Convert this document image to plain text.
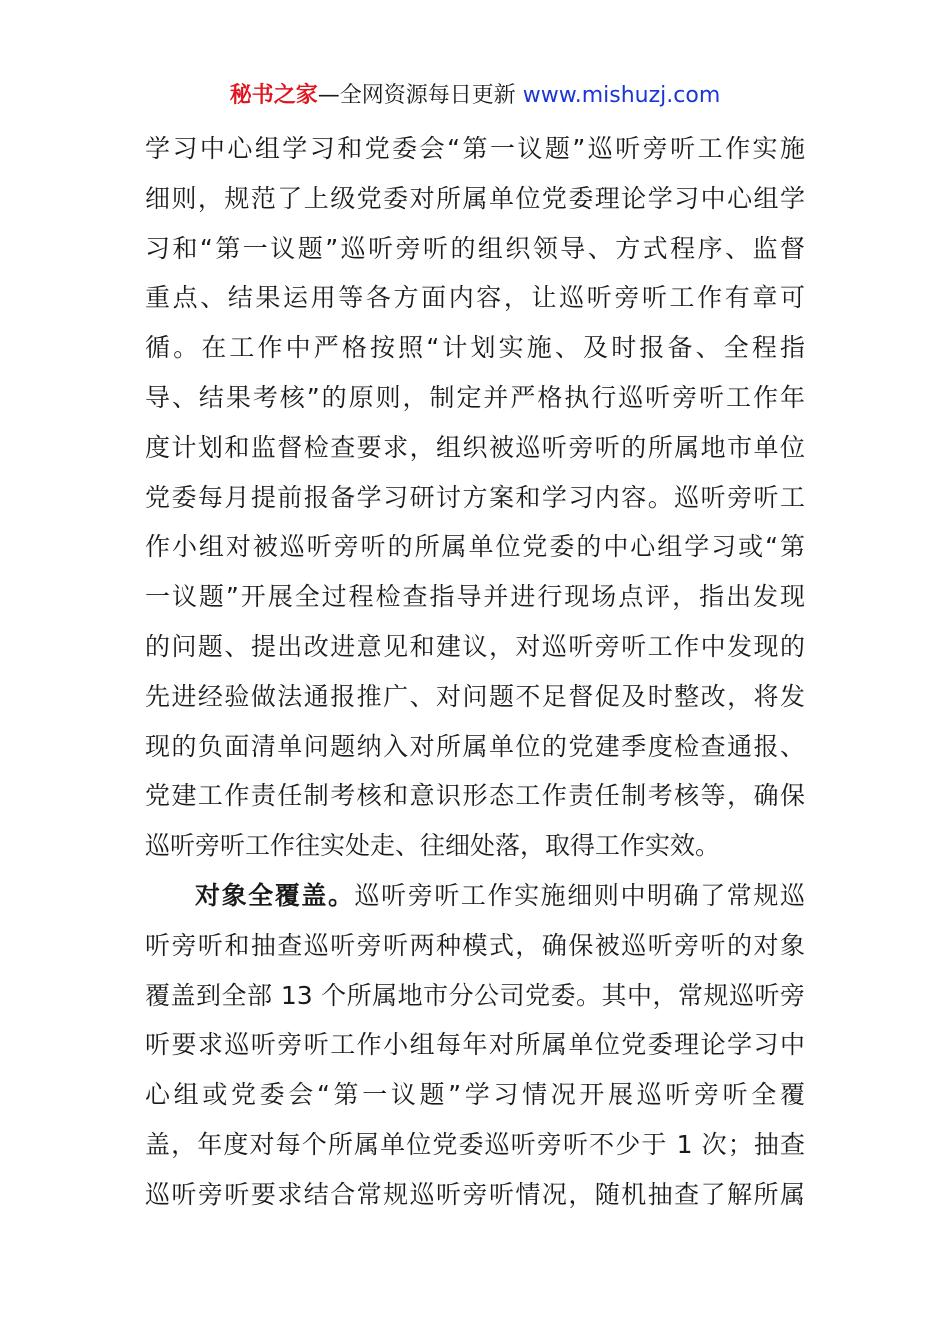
秘书之家—全网资源每日更新 www.mishuzj.com
学习中心组学习和党委会“第一议题”巡听旁听工作实施
细则，规范了上级党委对所属单位党委理论学习中心组学
习和“第一议题”巡听旁听的组织领导、方式程序、监督
重点、结果运用等各方面内容，让巡听旁听工作有章可
循。在工作中严格按照“计划实施、及时报备、全程指
导、结果考核”的原则，制定并严格执行巡听旁听工作年
度计划和监督检查要求，组织被巡听旁听的所属地市单位
党委每月提前报备学习研讨方案和学习内容。巡听旁听工
作小组对被巡听旁听的所属单位党委的中心组学习或“第
一议题”开展全过程检查指导并进行现场点评，指出发现
的问题、提出改进意见和建议，对巡听旁听工作中发现的
先进经验做法通报推广、对问题不足督促及时整改，将发
现的负面清单问题纳入对所属单位的党建季度检查通报、
党建工作责任制考核和意识形态工作责任制考核等，确保
巡听旁听工作往实处走、往细处落，取得工作实效。
对象全覆盖。巡听旁听工作实施细则中明确了常规巡
听旁听和抽查巡听旁听两种模式，确保被巡听旁听的对象
覆盖到全部 13 个所属地市分公司党委。其中，常规巡听旁
听要求巡听旁听工作小组每年对所属单位党委理论学习中
心组或党委会“第一议题”学习情况开展巡听旁听全覆
盖，年度对每个所属单位党委巡听旁听不少于 1 次；抽查
巡听旁听要求结合常规巡听旁听情况，随机抽查了解所属
